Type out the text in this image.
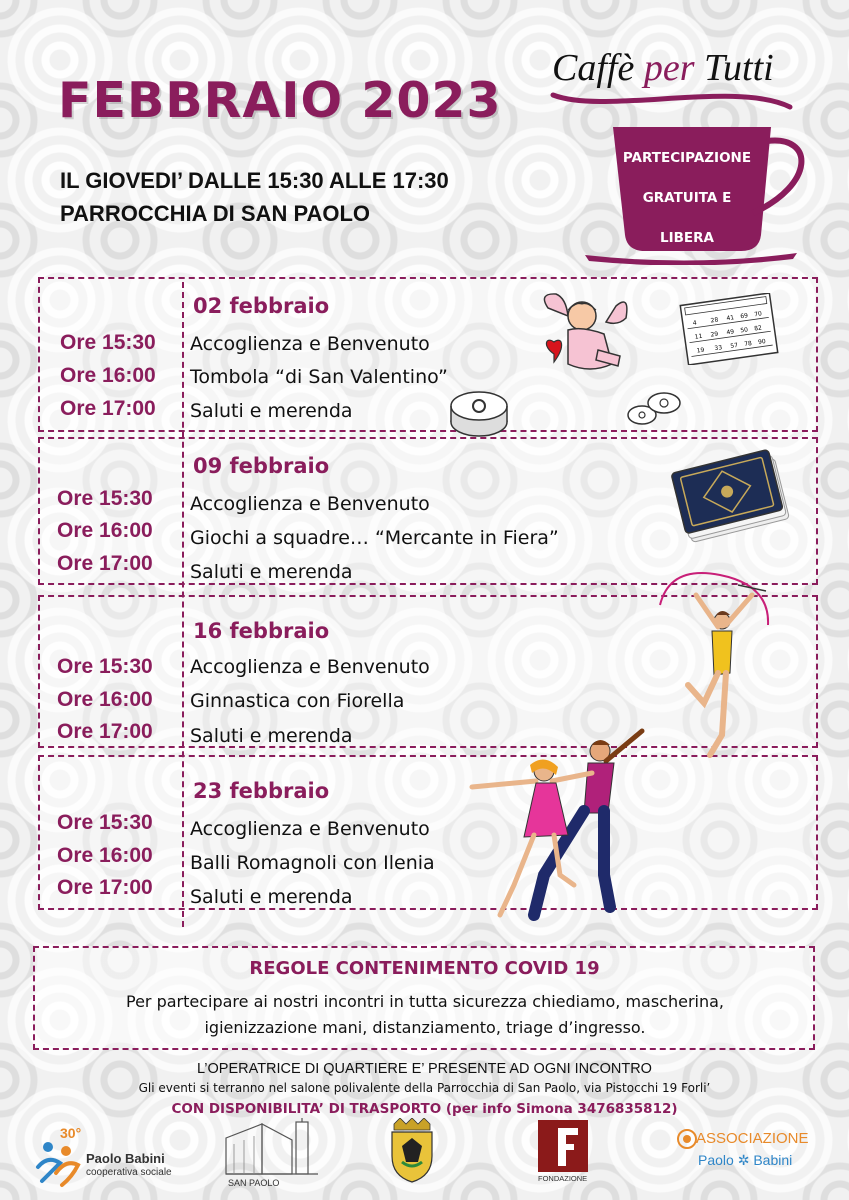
FEBBRAIO 2023
IL GIOVEDI’ DALLE 15:30 ALLE 17:30
PARROCCHIA DI SAN PAOLO
Caffè per Tutti
PARTECIPAZIONE
GRATUITA E
LIBERA
02 febbraio
Ore 15:30
Ore 16:00
Ore 17:00
Accoglienza e Benvenuto
Tombola “di San Valentino”
Saluti e merenda
09 febbraio
Ore 15:30
Ore 16:00
Ore 17:00
Accoglienza e Benvenuto
Giochi a squadre… “Mercante in Fiera”
Saluti e merenda
16 febbraio
Ore 15:30
Ore 16:00
Ore 17:00
Accoglienza e Benvenuto
Ginnastica con Fiorella
Saluti e merenda
23 febbraio
Ore 15:30
Ore 16:00
Ore 17:00
Accoglienza e Benvenuto
Balli Romagnoli con Ilenia
Saluti e merenda
4 28 41 69 70
11 29 49 50 82
19 33 57 78 90
REGOLE CONTENIMENTO COVID 19
Per partecipare ai nostri incontri in tutta sicurezza chiediamo, mascherina,
igienizzazione mani, distanziamento, triage d’ingresso.
L’OPERATRICE DI QUARTIERE E’ PRESENTE AD OGNI INCONTRO
Gli eventi si terranno nel salone polivalente della Parrocchia di San Paolo, via Pistocchi 19 Forli’
CON DISPONIBILITA’ DI TRASPORTO (per info Simona 3476835812)
30°
Paolo Babini
cooperativa sociale
SAN PAOLO	FONDAZIONE
ASSOCIAZIONE
Paolo ✲ Babini
